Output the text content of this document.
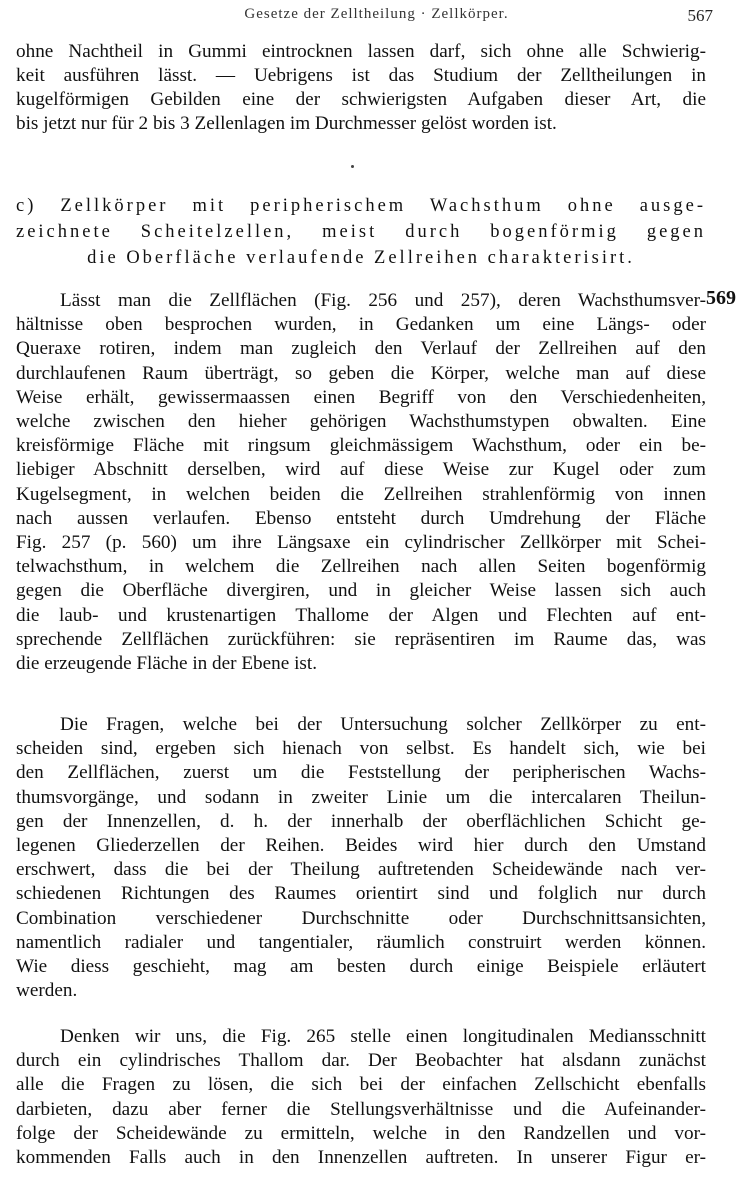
Gesetze der Zelltheilung · Zellkörper.	567
ohne Nachtheil in Gummi eintrocknen lassen darf, sich ohne alle Schwierig-
keit ausführen lässt. — Uebrigens ist das Studium der Zelltheilungen in
kugelförmigen Gebilden eine der schwierigsten Aufgaben dieser Art, die
bis jetzt nur für 2 bis 3 Zellenlagen im Durchmesser gelöst worden ist.
c) Zellkörper mit peripherischem Wachsthum ohne ausge-
zeichnete Scheitelzellen, meist durch bogenförmig gegen
die Oberfläche verlaufende Zellreihen charakterisirt.
569
Lässt man die Zellflächen (Fig. 256 und 257), deren Wachsthumsver-
hältnisse oben besprochen wurden, in Gedanken um eine Längs- oder
Queraxe rotiren, indem man zugleich den Verlauf der Zellreihen auf den
durchlaufenen Raum überträgt, so geben die Körper, welche man auf diese
Weise erhält, gewissermaassen einen Begriff von den Verschiedenheiten,
welche zwischen den hieher gehörigen Wachsthumstypen obwalten. Eine
kreisförmige Fläche mit ringsum gleichmässigem Wachsthum, oder ein be-
liebiger Abschnitt derselben, wird auf diese Weise zur Kugel oder zum
Kugelsegment, in welchen beiden die Zellreihen strahlenförmig von innen
nach aussen verlaufen. Ebenso entsteht durch Umdrehung der Fläche
Fig. 257 (p. 560) um ihre Längsaxe ein cylindrischer Zellkörper mit Schei-
telwachsthum, in welchem die Zellreihen nach allen Seiten bogenförmig
gegen die Oberfläche divergiren, und in gleicher Weise lassen sich auch
die laub- und krustenartigen Thallome der Algen und Flechten auf ent-
sprechende Zellflächen zurückführen: sie repräsentiren im Raume das, was
die erzeugende Fläche in der Ebene ist.
Die Fragen, welche bei der Untersuchung solcher Zellkörper zu ent-
scheiden sind, ergeben sich hienach von selbst. Es handelt sich, wie bei
den Zellflächen, zuerst um die Feststellung der peripherischen Wachs-
thumsvorgänge, und sodann in zweiter Linie um die intercalaren Theilun-
gen der Innenzellen, d. h. der innerhalb der oberflächlichen Schicht ge-
legenen Gliederzellen der Reihen. Beides wird hier durch den Umstand
erschwert, dass die bei der Theilung auftretenden Scheidewände nach ver-
schiedenen Richtungen des Raumes orientirt sind und folglich nur durch
Combination verschiedener Durchschnitte oder Durchschnittsansichten,
namentlich radialer und tangentialer, räumlich construirt werden können.
Wie diess geschieht, mag am besten durch einige Beispiele erläutert
werden.
Denken wir uns, die Fig. 265 stelle einen longitudinalen Mediansschnitt
durch ein cylindrisches Thallom dar. Der Beobachter hat alsdann zunächst
alle die Fragen zu lösen, die sich bei der einfachen Zellschicht ebenfalls
darbieten, dazu aber ferner die Stellungsverhältnisse und die Aufeinander-
folge der Scheidewände zu ermitteln, welche in den Randzellen und vor-
kommenden Falls auch in den Innenzellen auftreten. In unserer Figur er-
